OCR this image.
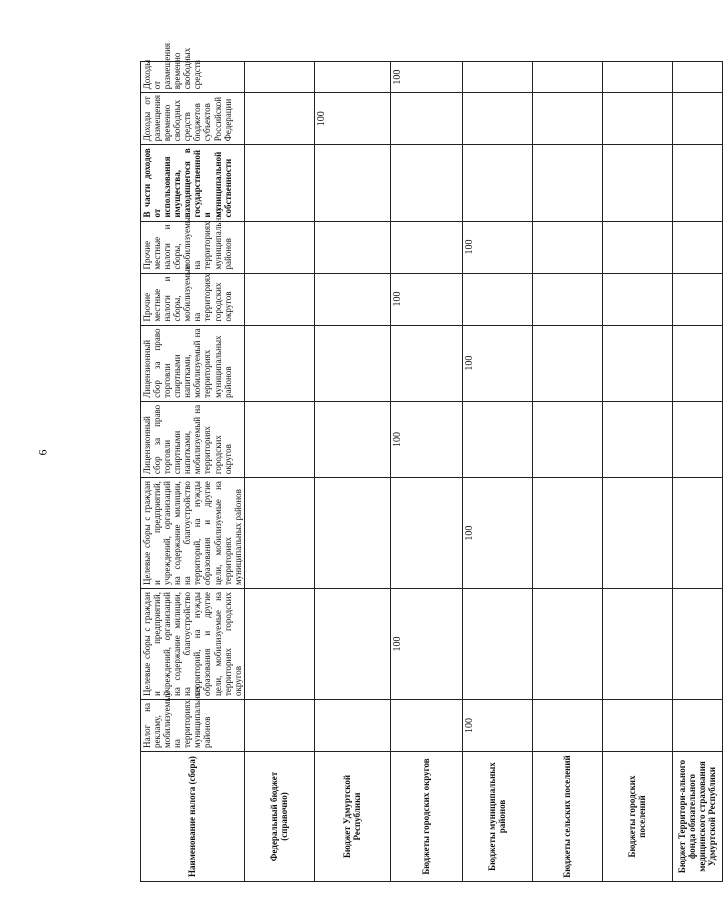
6
Наименование налога (сбора)	Налог на рекламу, мобилизуемый на территориях муниципальных районов	Целевые сборы с граждан и предприятий, учреждений, организаций на содержание милиции, на благоустройство территорий, на нужды образования и другие цели, мобилизуемые на территориях городских округов	Целевые сборы с граждан и предприятий, учреждений, организаций на содержание милиции, на благоустройство территорий, на нужды образования и другие цели, мобилизуемые на территориях муниципальных районов	Лицензионный сбор за право торговли спиртными напитками, мобилизуемый на территориях городских округов	Лицензионный сбор за право торговли спиртными напитками, мобилизуемый на территориях муниципальных районов	Прочие местные налоги и сборы, мобилизуемые на территориях городских округов	Прочие местные налоги и сборы, мобилизуемые на территориях муниципальных районов	В части доходов от использования имущества, находящегося в государственной и муниципальной собственности	Доходы от размещения временно свободных средств бюджетов субъектов Российской Федерации	Доходы от размещения временно свободных средств
Федеральный бюджет (справочно)										
Бюджет Удмуртской Республики									100	
Бюджеты городских округов		100		100		100				100
Бюджеты муниципальных районов	100		100		100		100			
Бюджеты сельских поселений										
Бюджеты городских поселений										
Бюджет Территори-ального фонда обязательного медицинского страхования Удмуртской Республики										
